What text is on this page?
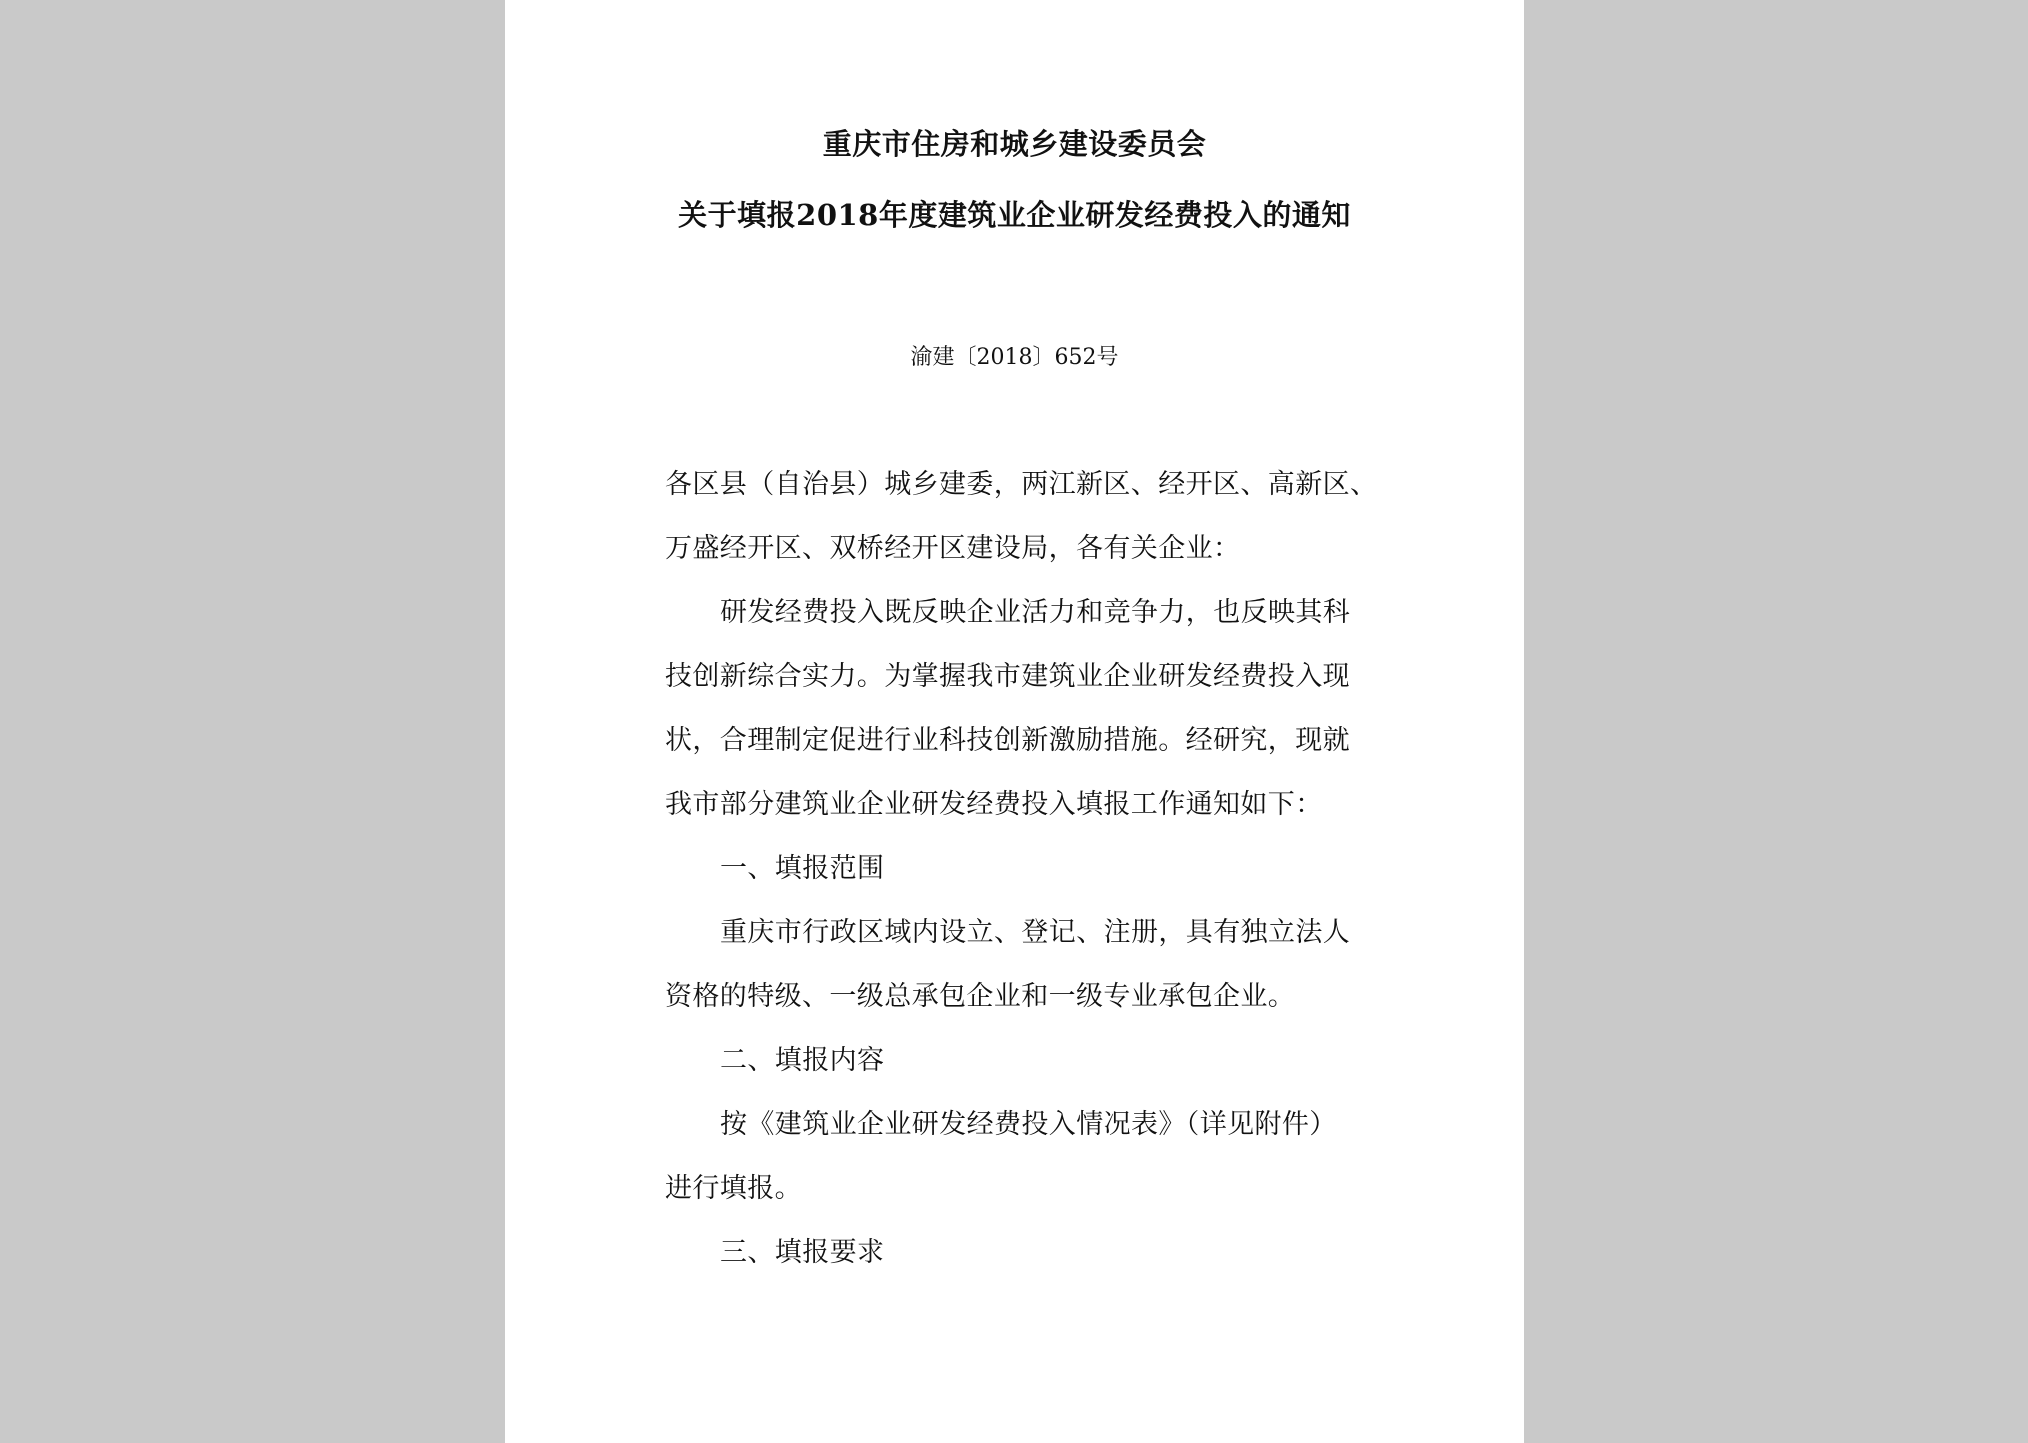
重庆市住房和城乡建设委员会
关于填报2018年度建筑业企业研发经费投入的通知
渝建〔2018〕652号
各区县（自治县）城乡建委，两江新区、经开区、高新区、
万盛经开区、双桥经开区建设局，各有关企业：
研发经费投入既反映企业活力和竞争力，也反映其科
技创新综合实力。为掌握我市建筑业企业研发经费投入现
状，合理制定促进行业科技创新激励措施。经研究，现就
我市部分建筑业企业研发经费投入填报工作通知如下：
一、填报范围
重庆市行政区域内设立、登记、注册，具有独立法人
资格的特级、一级总承包企业和一级专业承包企业。
二、填报内容
按《建筑业企业研发经费投入情况表》（详见附件）
进行填报。
三、填报要求
